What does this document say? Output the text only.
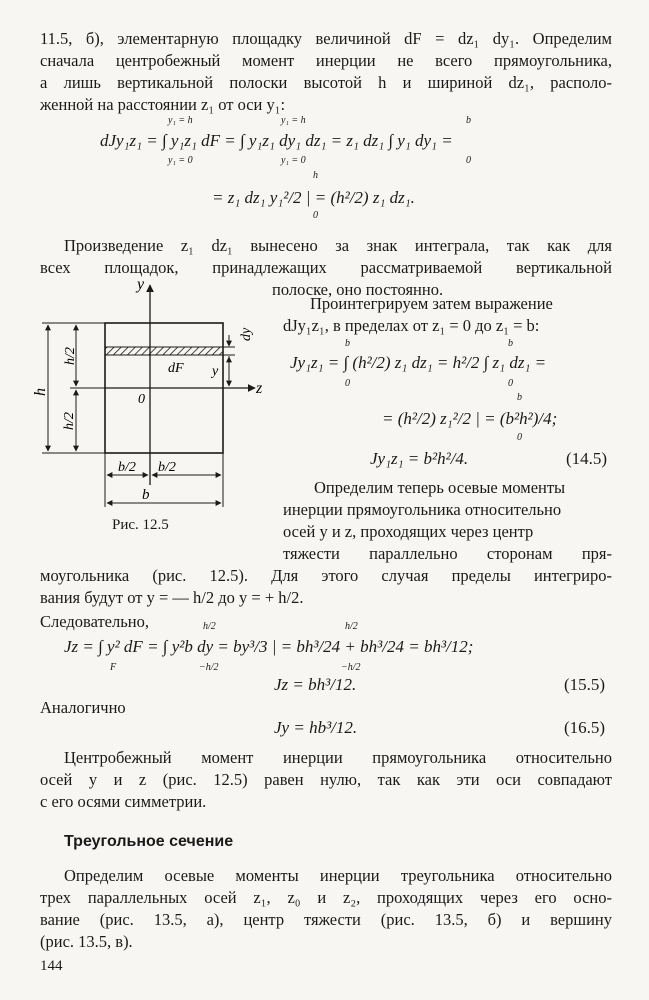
11.5, б), элементарную площадку величиной dF = dz₁ dy₁. Определим
сначала центробежный момент инерции не всего прямоугольника,
а лишь вертикальной полоски высотой h и шириной dz₁, располо-
женной на расстоянии z₁ от оси y₁:
y₁ = h
y₁ = 0
y₁ = h
y₁ = 0
b
0
dJy₁z₁ = ∫ y₁z₁ dF = ∫ y₁z₁ dy₁ dz₁ = z₁ dz₁ ∫ y₁ dy₁ =
h
0
= z₁ dz₁ y₁²/2 | = (h²/2) z₁ dz₁.
Произведение z₁ dz₁ вынесено за знак интеграла, так как для
всех площадок, принадлежащих рассматриваемой вертикальной
полоске, оно постоянно.
Проинтегрируем затем выражение
dJy₁z₁, в пределах от z₁ = 0 до z₁ = b:
b
0
b
0
Jy₁z₁ = ∫ (h²/2) z₁ dz₁ = h²/2 ∫ z₁ dz₁ =
b
0
= (h²/2) z₁²/2 | = (b²h²)/4;
Jy₁z₁ = b²h²/4.	(14.5)
Определим теперь осевые моменты
инерции прямоугольника относительно
осей y и z, проходящих через центр
тяжести параллельно сторонам пря-
y
z
dy
dF y
0
h
h/2
h/2
b/2 b/2
b
Рис. 12.5
моугольника (рис. 12.5). Для этого случая пределы интегриро-
вания будут от y = — h/2 до y = + h/2.
Следовательно,	h/2
−h/2
F
h/2
−h/2
Jz = ∫ y² dF = ∫ y²b dy = by³/3 | = bh³/24 + bh³/24 = bh³/12;
Jz = bh³/12.	(15.5)
Аналогично
Jy = hb³/12.	(16.5)
Центробежный момент инерции прямоугольника относительно
осей y и z (рис. 12.5) равен нулю, так как эти оси совпадают
с его осями симметрии.
Треугольное сечение
Определим осевые моменты инерции треугольника относительно
трех параллельных осей z₁, z₀ и z₂, проходящих через его осно-
вание (рис. 13.5, а), центр тяжести (рис. 13.5, б) и вершину
(рис. 13.5, в).
144
